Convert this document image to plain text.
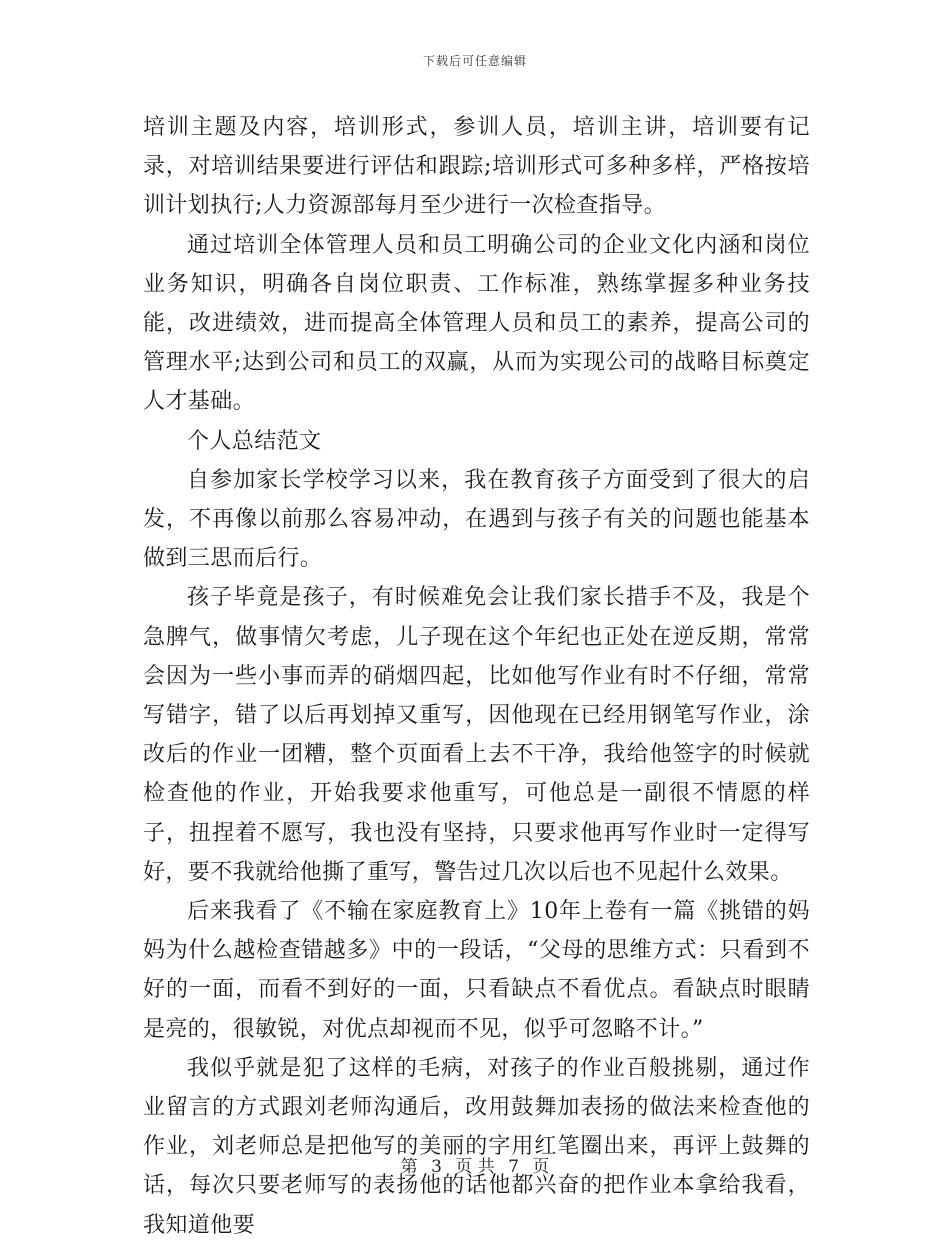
下载后可任意编辑

培训主题及内容，培训形式，参训人员，培训主讲，培训要有记录，对培训结果要进行评估和跟踪;培训形式可多种多样，严格按培训计划执行;人力资源部每月至少进行一次检查指导。

通过培训全体管理人员和员工明确公司的企业文化内涵和岗位业务知识，明确各自岗位职责、工作标准，熟练掌握多种业务技能，改进绩效，进而提高全体管理人员和员工的素养，提高公司的管理水平;达到公司和员工的双赢，从而为实现公司的战略目标奠定人才基础。

个人总结范文

自参加家长学校学习以来，我在教育孩子方面受到了很大的启发，不再像以前那么容易冲动，在遇到与孩子有关的问题也能基本做到三思而后行。

孩子毕竟是孩子，有时候难免会让我们家长措手不及，我是个急脾气，做事情欠考虑，儿子现在这个年纪也正处在逆反期，常常会因为一些小事而弄的硝烟四起，比如他写作业有时不仔细，常常写错字，错了以后再划掉又重写，因他现在已经用钢笔写作业，涂改后的作业一团糟，整个页面看上去不干净，我给他签字的时候就检查他的作业，开始我要求他重写，可他总是一副很不情愿的样子，扭捏着不愿写，我也没有坚持，只要求他再写作业时一定得写好，要不我就给他撕了重写，警告过几次以后也不见起什么效果。

后来我看了《不输在家庭教育上》10年上卷有一篇《挑错的妈妈为什么越检查错越多》中的一段话，“父母的思维方式：只看到不好的一面，而看不到好的一面，只看缺点不看优点。看缺点时眼睛是亮的，很敏锐，对优点却视而不见，似乎可忽略不计。”

我似乎就是犯了这样的毛病，对孩子的作业百般挑剔，通过作业留言的方式跟刘老师沟通后，改用鼓舞加表扬的做法来检查他的作业，刘老师总是把他写的美丽的字用红笔圈出来，再评上鼓舞的话，每次只要老师写的表扬他的话他都兴奋的把作业本拿给我看，我知道他要

第 3 页 共 7 页
